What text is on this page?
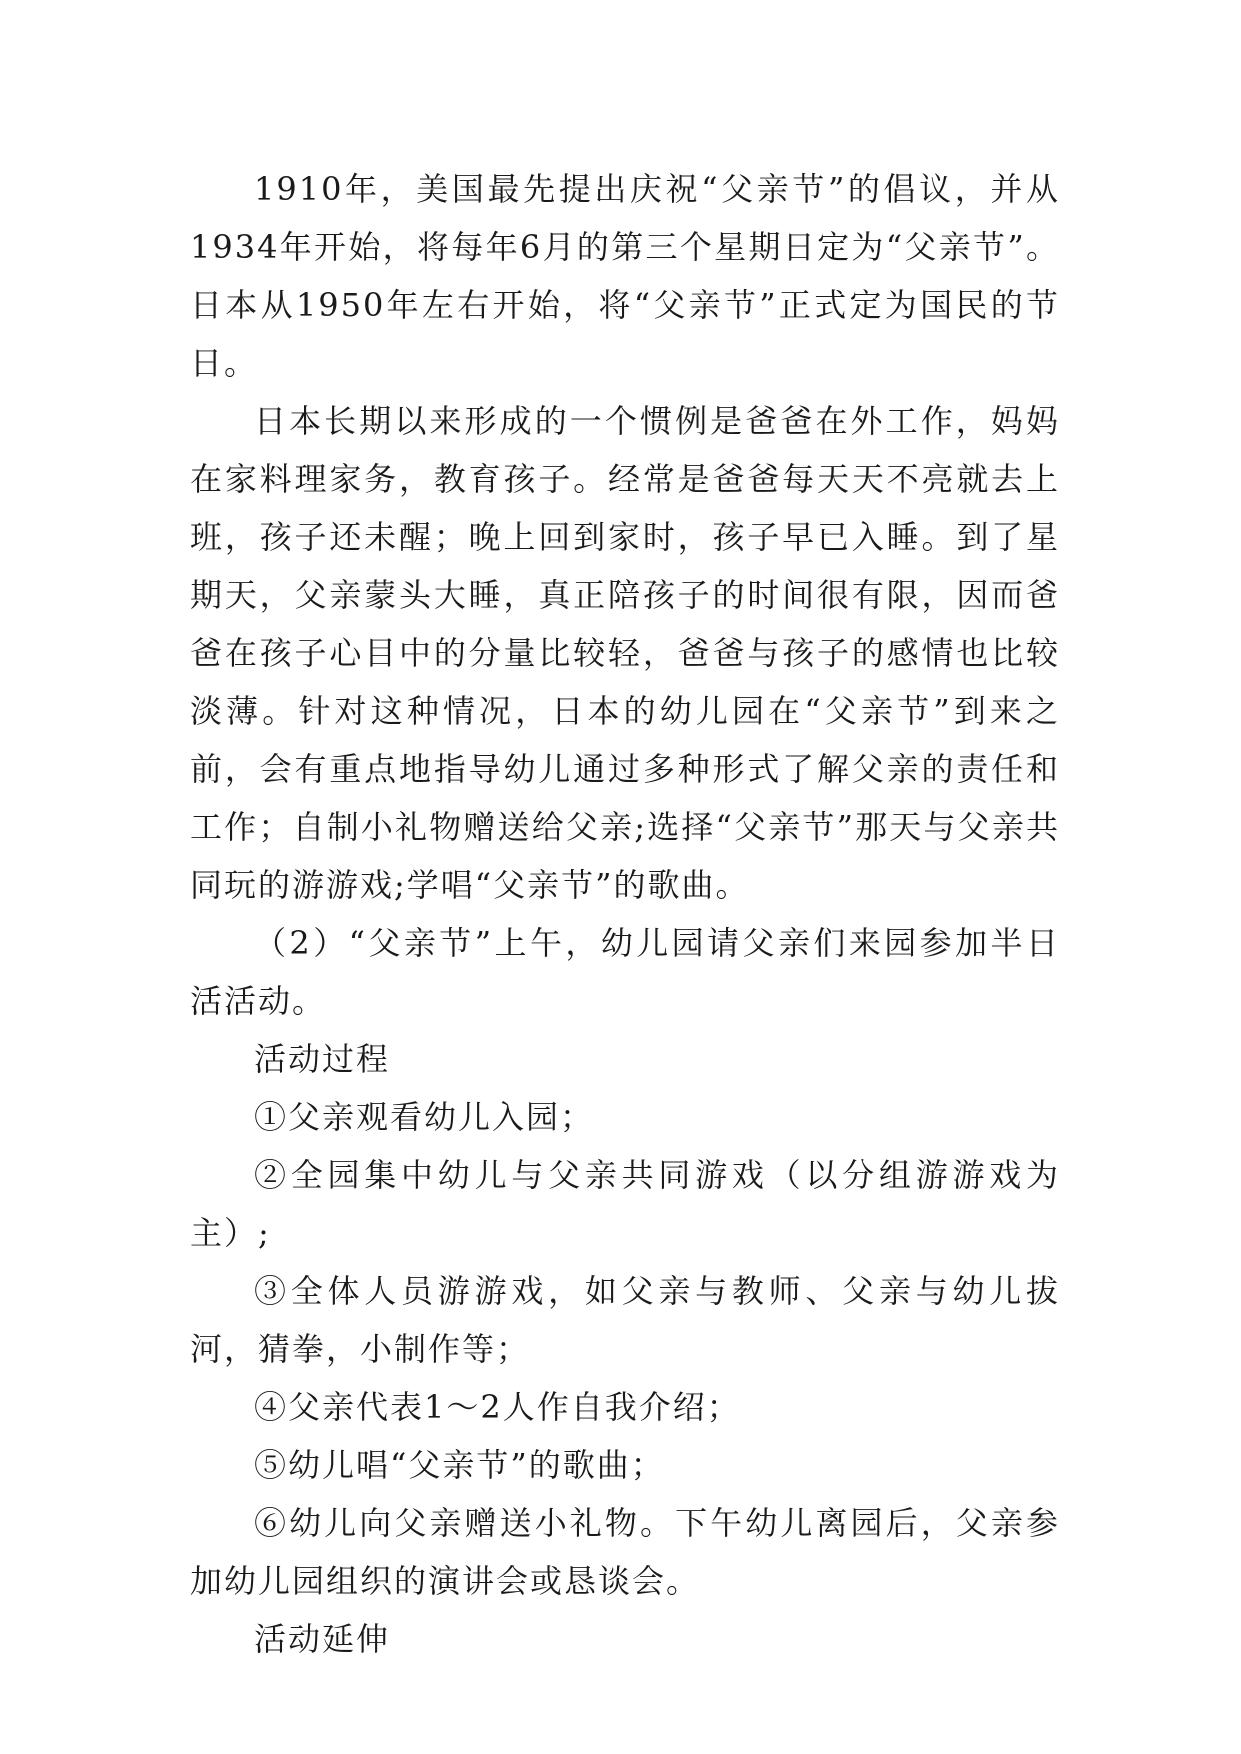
1910年，美国最先提出庆祝“父亲节”的倡议，并从1934年开始，将每年6月的第三个星期日定为“父亲节”。日本从1950年左右开始，将“父亲节”正式定为国民的节日。

日本长期以来形成的一个惯例是爸爸在外工作，妈妈在家料理家务，教育孩子。经常是爸爸每天天不亮就去上班，孩子还未醒；晚上回到家时，孩子早已入睡。到了星期天，父亲蒙头大睡，真正陪孩子的时间很有限，因而爸爸在孩子心目中的分量比较轻，爸爸与孩子的感情也比较淡薄。针对这种情况，日本的幼儿园在“父亲节”到来之前，会有重点地指导幼儿通过多种形式了解父亲的责任和工作；自制小礼物赠送给父亲;选择“父亲节”那天与父亲共同玩的游游戏;学唱“父亲节”的歌曲。

（2）“父亲节”上午，幼儿园请父亲们来园参加半日活活动。

活动过程

①父亲观看幼儿入园；

②全园集中幼儿与父亲共同游戏（以分组游游戏为主）;

③全体人员游游戏，如父亲与教师、父亲与幼儿拔河，猜拳，小制作等；

④父亲代表1～2人作自我介绍；

⑤幼儿唱“父亲节”的歌曲；

⑥幼儿向父亲赠送小礼物。下午幼儿离园后，父亲参加幼儿园组织的演讲会或恳谈会。

活动延伸
